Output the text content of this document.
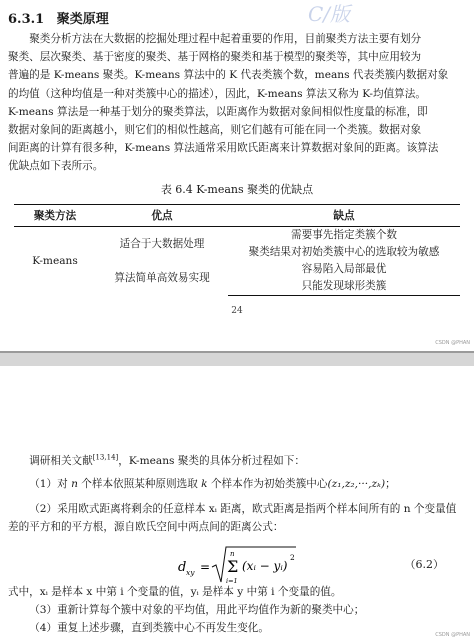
6.3.1 聚类原理	C/版
聚类分析方法在大数据的挖掘处理过程中起着重要的作用，目前聚类方法主要有划分
聚类、层次聚类、基于密度的聚类、基于网格的聚类和基于模型的聚类等，其中应用较为
普遍的是 K-means 聚类。K-means 算法中的 K 代表类簇个数，means 代表类簇内数据对象
的均值（这种均值是一种对类簇中心的描述），因此，K-means 算法又称为 K-均值算法。
K-means 算法是一种基于划分的聚类算法，以距离作为数据对象间相似性度量的标准，即
数据对象间的距离越小，则它们的相似性越高，则它们越有可能在同一个类簇。数据对象
间距离的计算有很多种，K-means 算法通常采用欧氏距离来计算数据对象间的距离。该算法
优缺点如下表所示。
表 6.4 K-means 聚类的优缺点
聚类方法	优点	缺点
K-means	适合于大数据处理	需要事先指定类簇个数
		聚类结果对初始类簇中心的选取较为敏感
	算法简单高效易实现	容易陷入局部最优
		只能发现球形类簇
24
CSDN @PHAN
调研相关文献[13,14]，K-means 聚类的具体分析过程如下：
（1）对 n 个样本依照某种原则选取 k 个样本作为初始类簇中心(z₁,z₂,···,zₖ)；
（2）采用欧式距离将剩余的任意样本 xᵢ 距离，欧式距离是指两个样本间所有的 n 个变量值
差的平方和的平方根，源自欧氏空间中两点间的距离公式：
d xy =
n
Σ
i=1
(xᵢ − yᵢ)
2
（6.2）
式中，xᵢ 是样本 x 中第 i 个变量的值，yᵢ 是样本 y 中第 i 个变量的值。
（3）重新计算每个簇中对象的平均值，用此平均值作为新的聚类中心；
（4）重复上述步骤，直到类簇中心不再发生变化。
CSDN @PHAN
